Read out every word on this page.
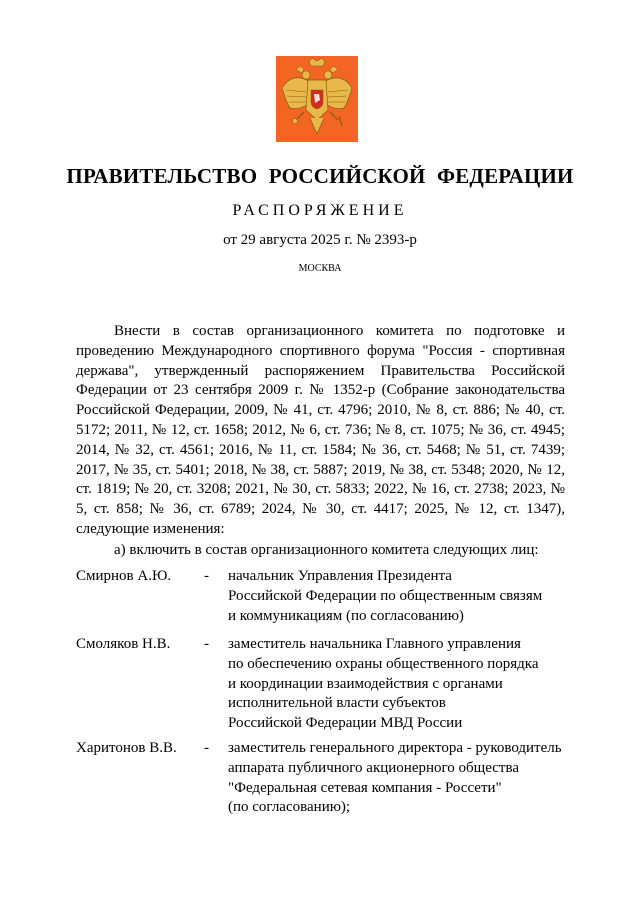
ПРАВИТЕЛЬСТВО РОССИЙСКОЙ ФЕДЕРАЦИИ
РАСПОРЯЖЕНИЕ
от 29 августа 2025 г. № 2393-р
МОСКВА

Внести в состав организационного комитета по подготовке и проведению Международного спортивного форума "Россия - спортивная держава", утвержденный распоряжением Правительства Российской Федерации от 23 сентября 2009 г. № 1352-р (Собрание законодательства Российской Федерации, 2009, № 41, ст. 4796; 2010, № 8, ст. 886; № 40, ст. 5172; 2011, № 12, ст. 1658; 2012, № 6, ст. 736; № 8, ст. 1075; № 36, ст. 4945; 2014, № 32, ст. 4561; 2016, № 11, ст. 1584; № 36, ст. 5468; № 51, ст. 7439; 2017, № 35, ст. 5401; 2018, № 38, ст. 5887; 2019, № 38, ст. 5348; 2020, № 12, ст. 1819; № 20, ст. 3208; 2021, № 30, ст. 5833; 2022, № 16, ст. 2738; 2023, № 5, ст. 858; № 36, ст. 6789; 2024, № 30, ст. 4417; 2025, № 12, ст. 1347), следующие изменения:

а) включить в состав организационного комитета следующих лиц:

Смирнов А.Ю.	-	начальник Управления Президента
Российской Федерации по общественным связям
и коммуникациям (по согласованию)
Смоляков Н.В.	-	заместитель начальника Главного управления
по обеспечению охраны общественного порядка
и координации взаимодействия с органами
исполнительной власти субъектов
Российской Федерации МВД России
Харитонов В.В.	-	заместитель генерального директора - руководитель
аппарата публичного акционерного общества
"Федеральная сетевая компания - Россети"
(по согласованию);
